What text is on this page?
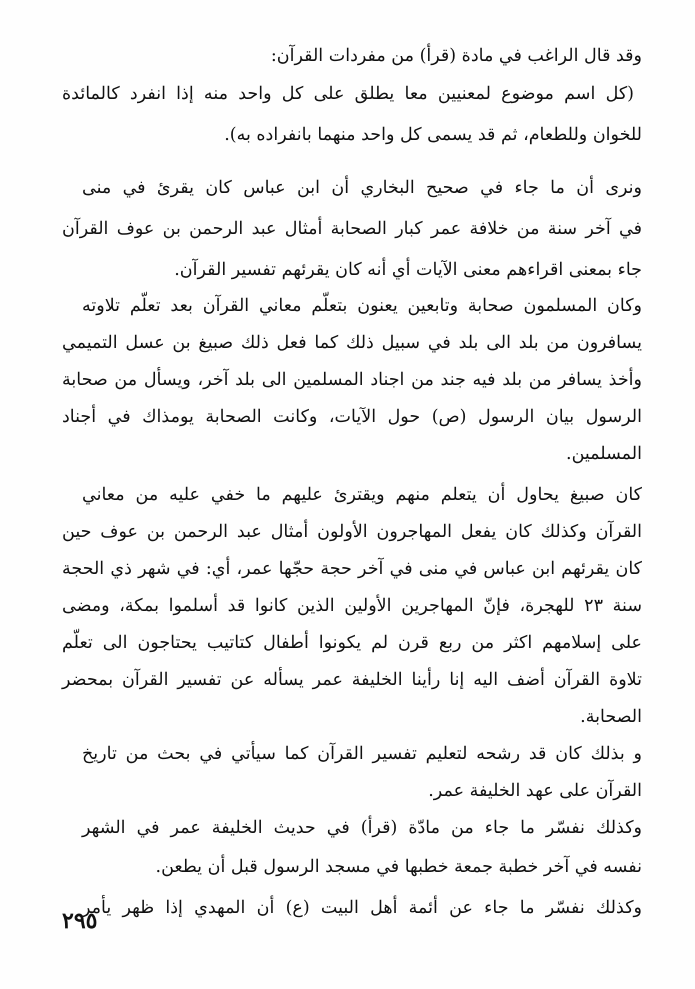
وقد قال الراغب في مادة (قرأ) من مفردات القرآن:
(كل اسم موضوع لمعنيين معا يطلق على كل واحد منه إذا انفرد كالمائدة
للخوان وللطعام، ثم قد يسمى كل واحد منهما بانفراده به).
ونرى أن ما جاء في صحيح البخاري أن ابن عباس كان يقرئ في منى
في آخر سنة من خلافة عمر كبار الصحابة أمثال عبد الرحمن بن عوف القرآن
جاء بمعنى اقراءهم معنى الآيات أي أنه كان يقرئهم تفسير القرآن.
وكان المسلمون صحابة وتابعين يعنون بتعلّم معاني القرآن بعد تعلّم تلاوته
يسافرون من بلد الى بلد في سبيل ذلك كما فعل ذلك صبيغ بن عسل التميمي
وأخذ يسافر من بلد فيه جند من اجناد المسلمين الى بلد آخر، ويسأل من صحابة
الرسول بيان الرسول (ص) حول الآيات، وكانت الصحابة يومذاك في أجناد
المسلمين.
كان صبيغ يحاول أن يتعلم منهم ويقترئ عليهم ما خفي عليه من معاني
القرآن وكذلك كان يفعل المهاجرون الأولون أمثال عبد الرحمن بن عوف حين
كان يقرئهم ابن عباس في منى في آخر حجة حجّها عمر، أي: في شهر ذي الحجة
سنة ٢٣ للهجرة، فإنّ المهاجرين الأولين الذين كانوا قد أسلموا بمكة، ومضى
على إسلامهم اكثر من ربع قرن لم يكونوا أطفال كتاتيب يحتاجون الى تعلّم
تلاوة القرآن أضف اليه إنا رأينا الخليفة عمر يسأله عن تفسير القرآن بمحضر
الصحابة.
و بذلك كان قد رشحه لتعليم تفسير القرآن كما سيأتي في بحث من تاريخ
القرآن على عهد الخليفة عمر.
وكذلك نفسّر ما جاء من مادّة (قرأ) في حديث الخليفة عمر في الشهر
نفسه في آخر خطبة جمعة خطبها في مسجد الرسول قبل أن يطعن.
وكذلك نفسّر ما جاء عن أئمة أهل البيت (ع) أن المهدي إذا ظهر يأمر
٢٩٥
